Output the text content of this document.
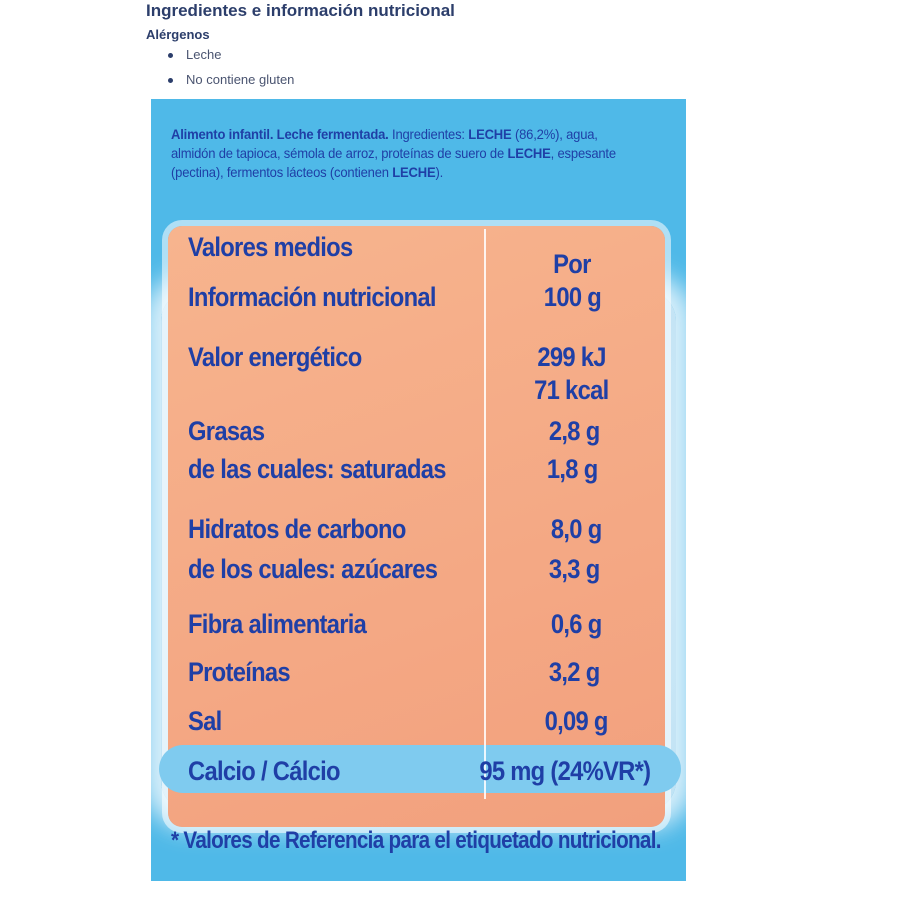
Ingredientes e información nutricional
Alérgenos
Leche
No contiene gluten
Alimento infantil. Leche fermentada. Ingredientes: LECHE (86,2%), agua, almidón de tapioca, sémola de arroz, proteínas de suero de LECHE, espesante (pectina), fermentos lácteos (contienen LECHE).
Valores medios
Información nutricional
Por
100 g
Valor energético	299 kJ
71 kcal
Grasas	2,8 g
de las cuales: saturadas	1,8 g
Hidratos de carbono	8,0 g
de los cuales: azúcares	3,3 g
Fibra alimentaria	0,6 g
Proteínas	3,2 g
Sal	0,09 g
Calcio / Cálcio	95 mg (24%VR*)
* Valores de Referencia para el etiquetado nutricional.
